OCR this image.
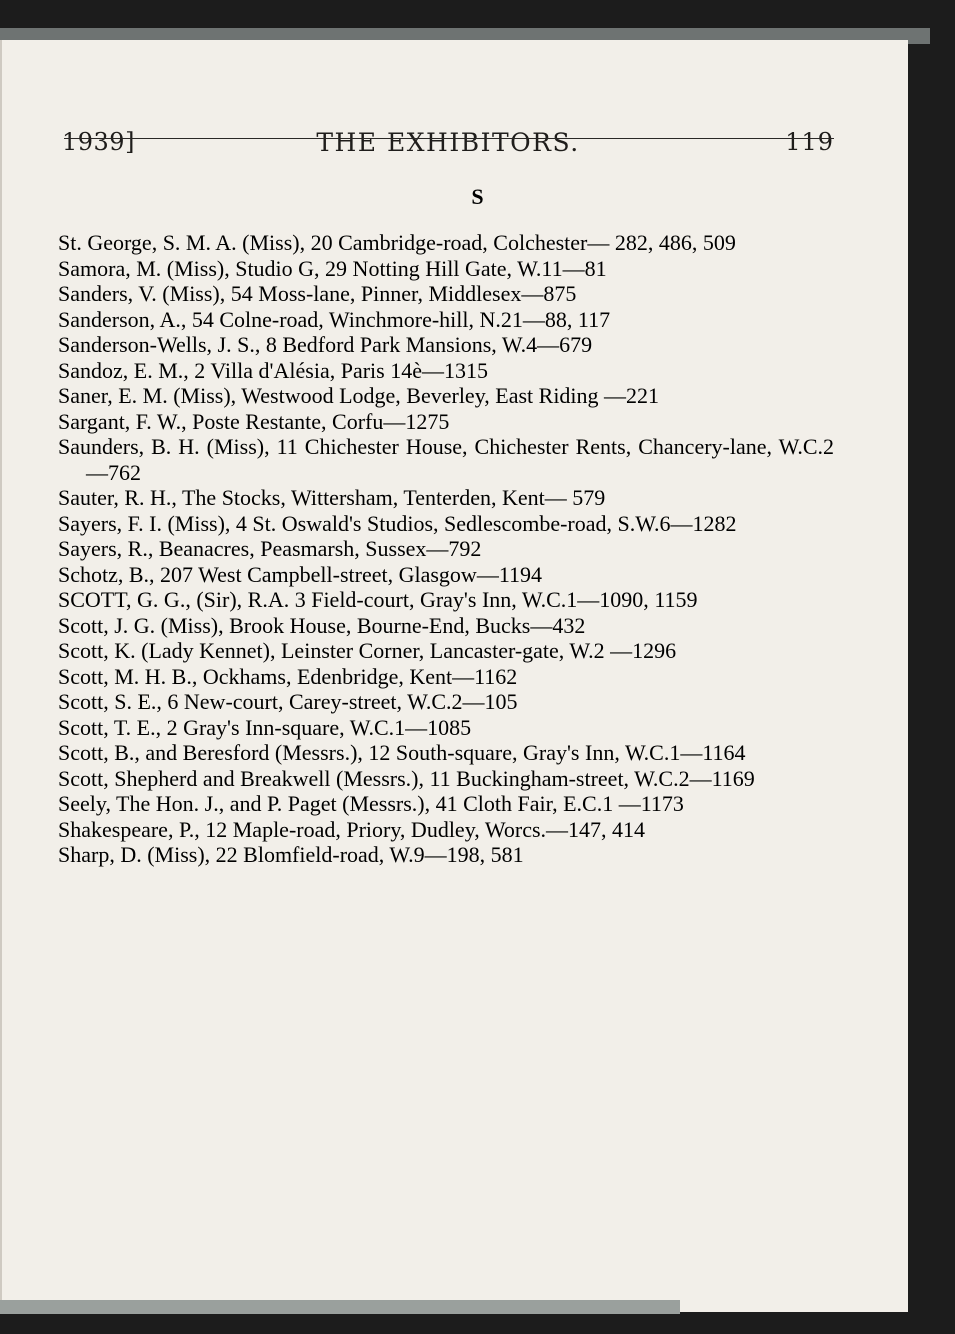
1939]	THE EXHIBITORS.	119
S
St. George, S. M. A. (Miss), 20 Cambridge-road, Colchester— 282, 486, 509
Samora, M. (Miss), Studio G, 29 Notting Hill Gate, W.11—81
Sanders, V. (Miss), 54 Moss-lane, Pinner, Middlesex—875
Sanderson, A., 54 Colne-road, Winchmore-hill, N.21—88, 117
Sanderson-Wells, J. S., 8 Bedford Park Mansions, W.4—679
Sandoz, E. M., 2 Villa d'Alésia, Paris 14è—1315
Saner, E. M. (Miss), Westwood Lodge, Beverley, East Riding —221
Sargant, F. W., Poste Restante, Corfu—1275
Saunders, B. H. (Miss), 11 Chichester House, Chichester Rents, Chancery-lane, W.C.2—762
Sauter, R. H., The Stocks, Wittersham, Tenterden, Kent— 579
Sayers, F. I. (Miss), 4 St. Oswald's Studios, Sedlescombe-road, S.W.6—1282
Sayers, R., Beanacres, Peasmarsh, Sussex—792
Schotz, B., 207 West Campbell-street, Glasgow—1194
SCOTT, G. G., (Sir), R.A. 3 Field-court, Gray's Inn, W.C.1—1090, 1159
Scott, J. G. (Miss), Brook House, Bourne-End, Bucks—432
Scott, K. (Lady Kennet), Leinster Corner, Lancaster-gate, W.2 —1296
Scott, M. H. B., Ockhams, Edenbridge, Kent—1162
Scott, S. E., 6 New-court, Carey-street, W.C.2—105
Scott, T. E., 2 Gray's Inn-square, W.C.1—1085
Scott, B., and Beresford (Messrs.), 12 South-square, Gray's Inn, W.C.1—1164
Scott, Shepherd and Breakwell (Messrs.), 11 Buckingham-street, W.C.2—1169
Seely, The Hon. J., and P. Paget (Messrs.), 41 Cloth Fair, E.C.1 —1173
Shakespeare, P., 12 Maple-road, Priory, Dudley, Worcs.—147, 414
Sharp, D. (Miss), 22 Blomfield-road, W.9—198, 581
